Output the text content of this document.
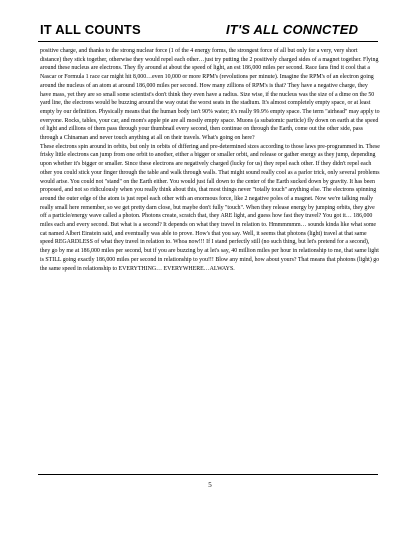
IT ALL COUNTS	IT'S ALL CONNCTED

positive charge, and thanks to the strong nuclear force (1 of the 4 energy forms, the strongest force of all but only for a very, very short distance) they stick together, otherwise they would repel each other…just try putting the 2 positively charged sides of a magnet together. Flying around these nucleus are electrons. They fly around at about the speed of light, an est 186,000 miles per second. Race fans find it cool that a Nascar or Formula 1 race car might hit 8,000…even 10,000 or more RPM's (revolutions per minute). Imagine the RPM's of an electron going around the nucleus of an atom at around 186,000 miles per second. How many zillions of RPM's is that? They have a negative charge, they have mass, yet they are so small some scientist's don't think they even have a radius. Size wise, if the nucleus was the size of a dime on the 50 yard line, the electrons would be buzzing around the way outat the worst seats in the stadium. It's almost completely empty space, or at least empty by our definition. Physically means that the human body isn't 90% water; it's really 99.9% empty space. The term "airhead" may apply to everyone. Rocks, tables, your car, and mom's apple pie are all mostly empty space. Muons (a subatomic particle) fly down on earth at the speed of light and zillions of them pass through your thumbnail every second, then continue on through the Earth, come out the other side, pass through a Chinaman and never touch anything at all on their travels. What's going on here?

These electrons spin around in orbits, but only in orbits of differing and pre-determined sizes according to those laws pre-programmed in. These frisky little electrons can jump from one orbit to another, either a bigger or smaller orbit, and release or gather energy as they jump, depending upon whether it's bigger or smaller. Since these electrons are negatively charged (lucky for us) they repel each other. If they didn't repel each other you could stick your finger through the table and walk through walls. That might sound really cool as a parlor trick, only several problems would arise. You could not "stand" on the Earth either. You would just fall down to the center of the Earth sucked down by gravity. It has been proposed, and not so ridiculously when you really think about this, that most things never "totally touch" anything else. The electrons spinning around the outer edge of the atom is just repel each other with an enormous force, like 2 negative poles of a magnet. Now we're talking really really small here remember, so we get pretty darn close, but maybe don't fully "touch". When they release energy by jumping orbits, they give off a particle/energy wave called a photon. Photons create, scratch that, they ARE light, and guess how fast they travel? You got it… 186,000 miles each and every second. But what is a second? It depends on what they travel in relation to. Hmmmmmm… sounds kinda like what some cat named Albert Einstein said, and eventually was able to prove. How's that you say. Well, it seems that photons (light) travel at that same speed REGARDLESS of what they travel in relation to. Whoa now!!! If I stand perfectly still (no such thing, but let's pretend for a second), they go by me at 186,000 miles per second, but if you are buzzing by at let's say, 40 million miles per hour in relationship to me, that same light is STILL going exactly 186,000 miles per second in relationship to you!!! Blow any mind, how about yours? That means that photons (light) go the same speed in relationship to EVERYTHING… EVERYWHERE…ALWAYS.

5
